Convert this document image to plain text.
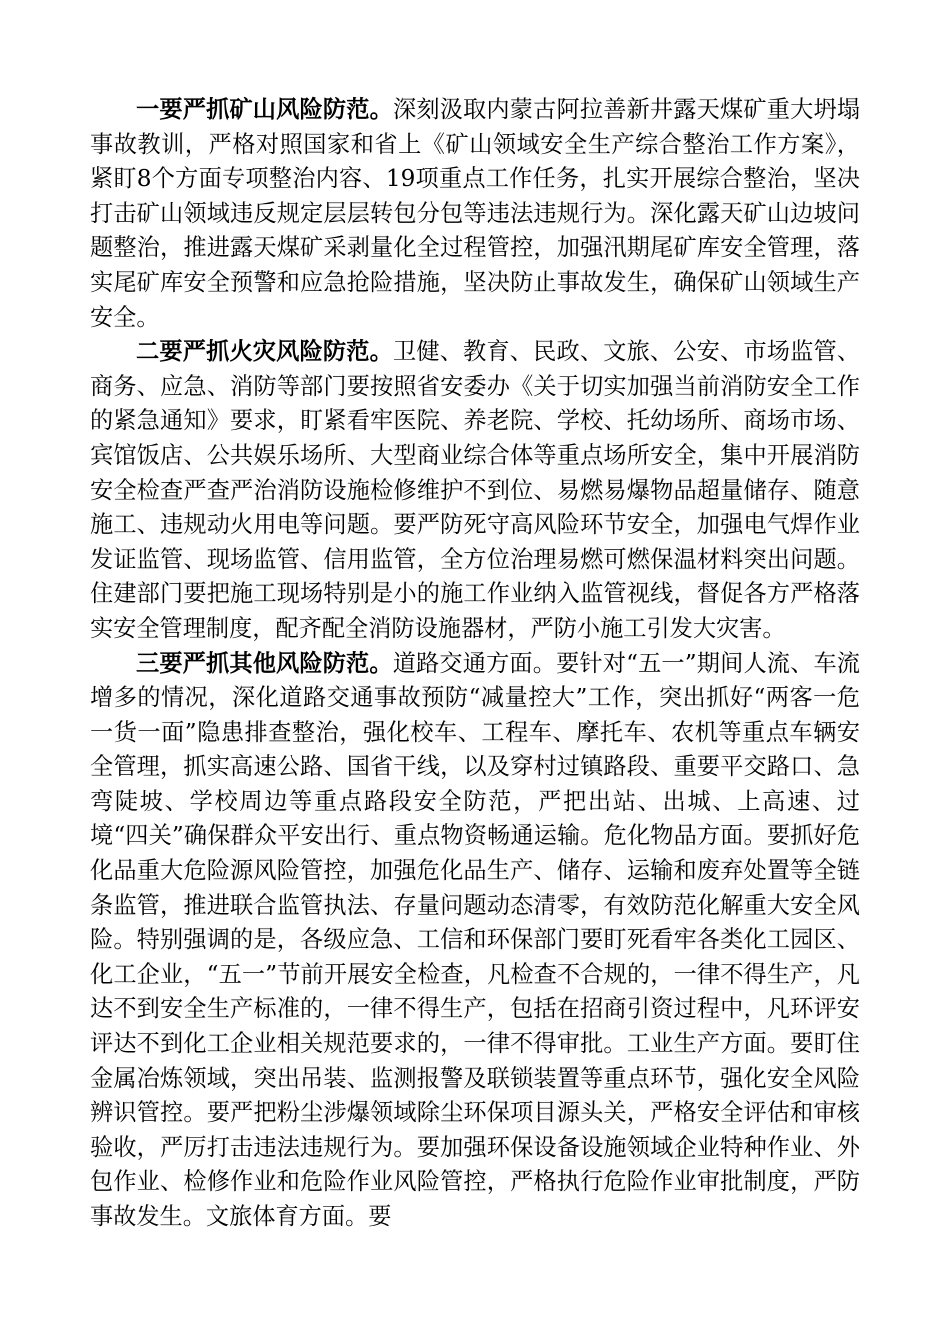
一要严抓矿山风险防范。深刻汲取内蒙古阿拉善新井露天煤矿重大坍塌事故教训，严格对照国家和省上《矿山领域安全生产综合整治工作方案》，紧盯8个方面专项整治内容、19项重点工作任务，扎实开展综合整治，坚决打击矿山领域违反规定层层转包分包等违法违规行为。深化露天矿山边坡问题整治，推进露天煤矿采剥量化全过程管控，加强汛期尾矿库安全管理，落实尾矿库安全预警和应急抢险措施，坚决防止事故发生，确保矿山领域生产安全。

二要严抓火灾风险防范。卫健、教育、民政、文旅、公安、市场监管、商务、应急、消防等部门要按照省安委办《关于切实加强当前消防安全工作的紧急通知》要求，盯紧看牢医院、养老院、学校、托幼场所、商场市场、宾馆饭店、公共娱乐场所、大型商业综合体等重点场所安全，集中开展消防安全检查严查严治消防设施检修维护不到位、易燃易爆物品超量储存、随意施工、违规动火用电等问题。要严防死守高风险环节安全，加强电气焊作业发证监管、现场监管、信用监管，全方位治理易燃可燃保温材料突出问题。住建部门要把施工现场特别是小的施工作业纳入监管视线，督促各方严格落实安全管理制度，配齐配全消防设施器材，严防小施工引发大灾害。

三要严抓其他风险防范。道路交通方面。要针对“五一”期间人流、车流增多的情况，深化道路交通事故预防“减量控大”工作，突出抓好“两客一危一货一面”隐患排查整治，强化校车、工程车、摩托车、农机等重点车辆安全管理，抓实高速公路、国省干线，以及穿村过镇路段、重要平交路口、急弯陡坡、学校周边等重点路段安全防范，严把出站、出城、上高速、过境“四关”确保群众平安出行、重点物资畅通运输。危化物品方面。要抓好危化品重大危险源风险管控，加强危化品生产、储存、运输和废弃处置等全链条监管，推进联合监管执法、存量问题动态清零，有效防范化解重大安全风险。特别强调的是，各级应急、工信和环保部门要盯死看牢各类化工园区、化工企业，“五一”节前开展安全检查，凡检查不合规的，一律不得生产，凡达不到安全生产标准的，一律不得生产，包括在招商引资过程中，凡环评安评达不到化工企业相关规范要求的，一律不得审批。工业生产方面。要盯住金属冶炼领域，突出吊装、监测报警及联锁装置等重点环节，强化安全风险辨识管控。要严把粉尘涉爆领域除尘环保项目源头关，严格安全评估和审核验收，严厉打击违法违规行为。要加强环保设备设施领域企业特种作业、外包作业、检修作业和危险作业风险管控，严格执行危险作业审批制度，严防事故发生。文旅体育方面。要
